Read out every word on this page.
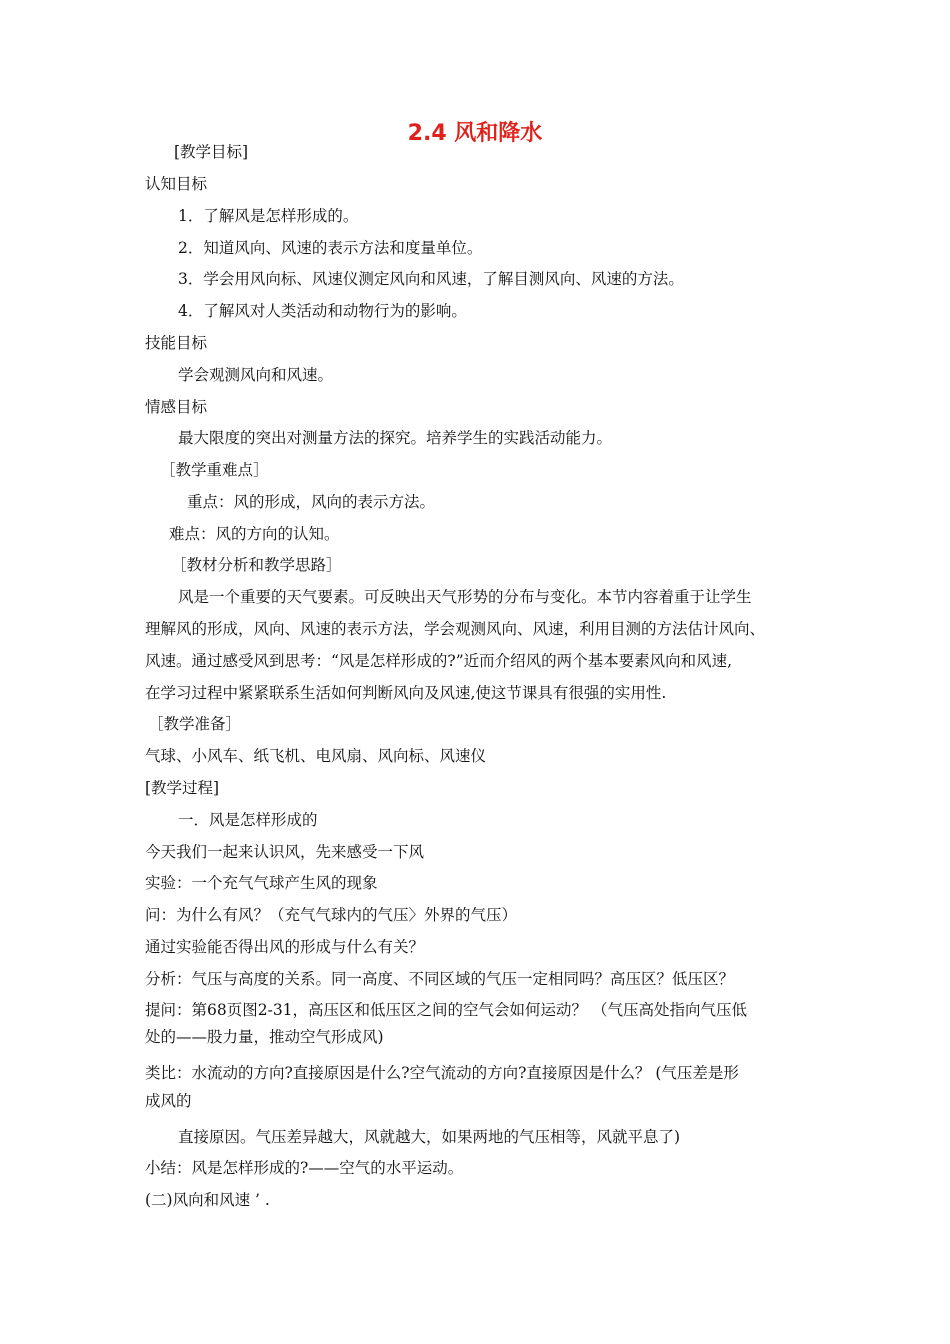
2.4 风和降水

[教学目标]

认知目标

1．了解风是怎样形成的。

2．知道风向、风速的表示方法和度量单位。

3．学会用风向标、风速仪测定风向和风速，了解目测风向、风速的方法。

4．了解风对人类活动和动物行为的影响。

技能目标

学会观测风向和风速。

情感目标

最大限度的突出对测量方法的探究。培养学生的实践活动能力。

［教学重难点］

重点：风的形成，风向的表示方法。

难点：风的方向的认知。

［教材分析和教学思路］

风是一个重要的天气要素。可反映出天气形势的分布与变化。本节内容着重于让学生

理解风的形成，风向、风速的表示方法，学会观测风向、风速，利用目测的方法估计风向、

风速。通过感受风到思考：“风是怎样形成的?”近而介绍风的两个基本要素风向和风速,

在学习过程中紧紧联系生活如何判断风向及风速,使这节课具有很强的实用性.

［教学准备］

气球、小风车、纸飞机、电风扇、风向标、风速仪

[教学过程]

一．风是怎样形成的

今天我们一起来认识风，先来感受一下风

实验：一个充气气球产生风的现象

问：为什么有风？（充气气球内的气压〉外界的气压）

通过实验能否得出风的形成与什么有关？

分析：气压与高度的关系。同一高度、不同区域的气压一定相同吗？高压区？低压区？

提问：第68页图2-31，高压区和低压区之间的空气会如何运动？ （气压高处指向气压低

处的——股力量，推动空气形成风)

类比：水流动的方向?直接原因是什么?空气流动的方向?直接原因是什么？ (气压差是形

成风的

直接原因。气压差异越大，风就越大，如果两地的气压相等，风就平息了)

小结：风是怎样形成的?——空气的水平运动。

(二)风向和风速 ’ .
